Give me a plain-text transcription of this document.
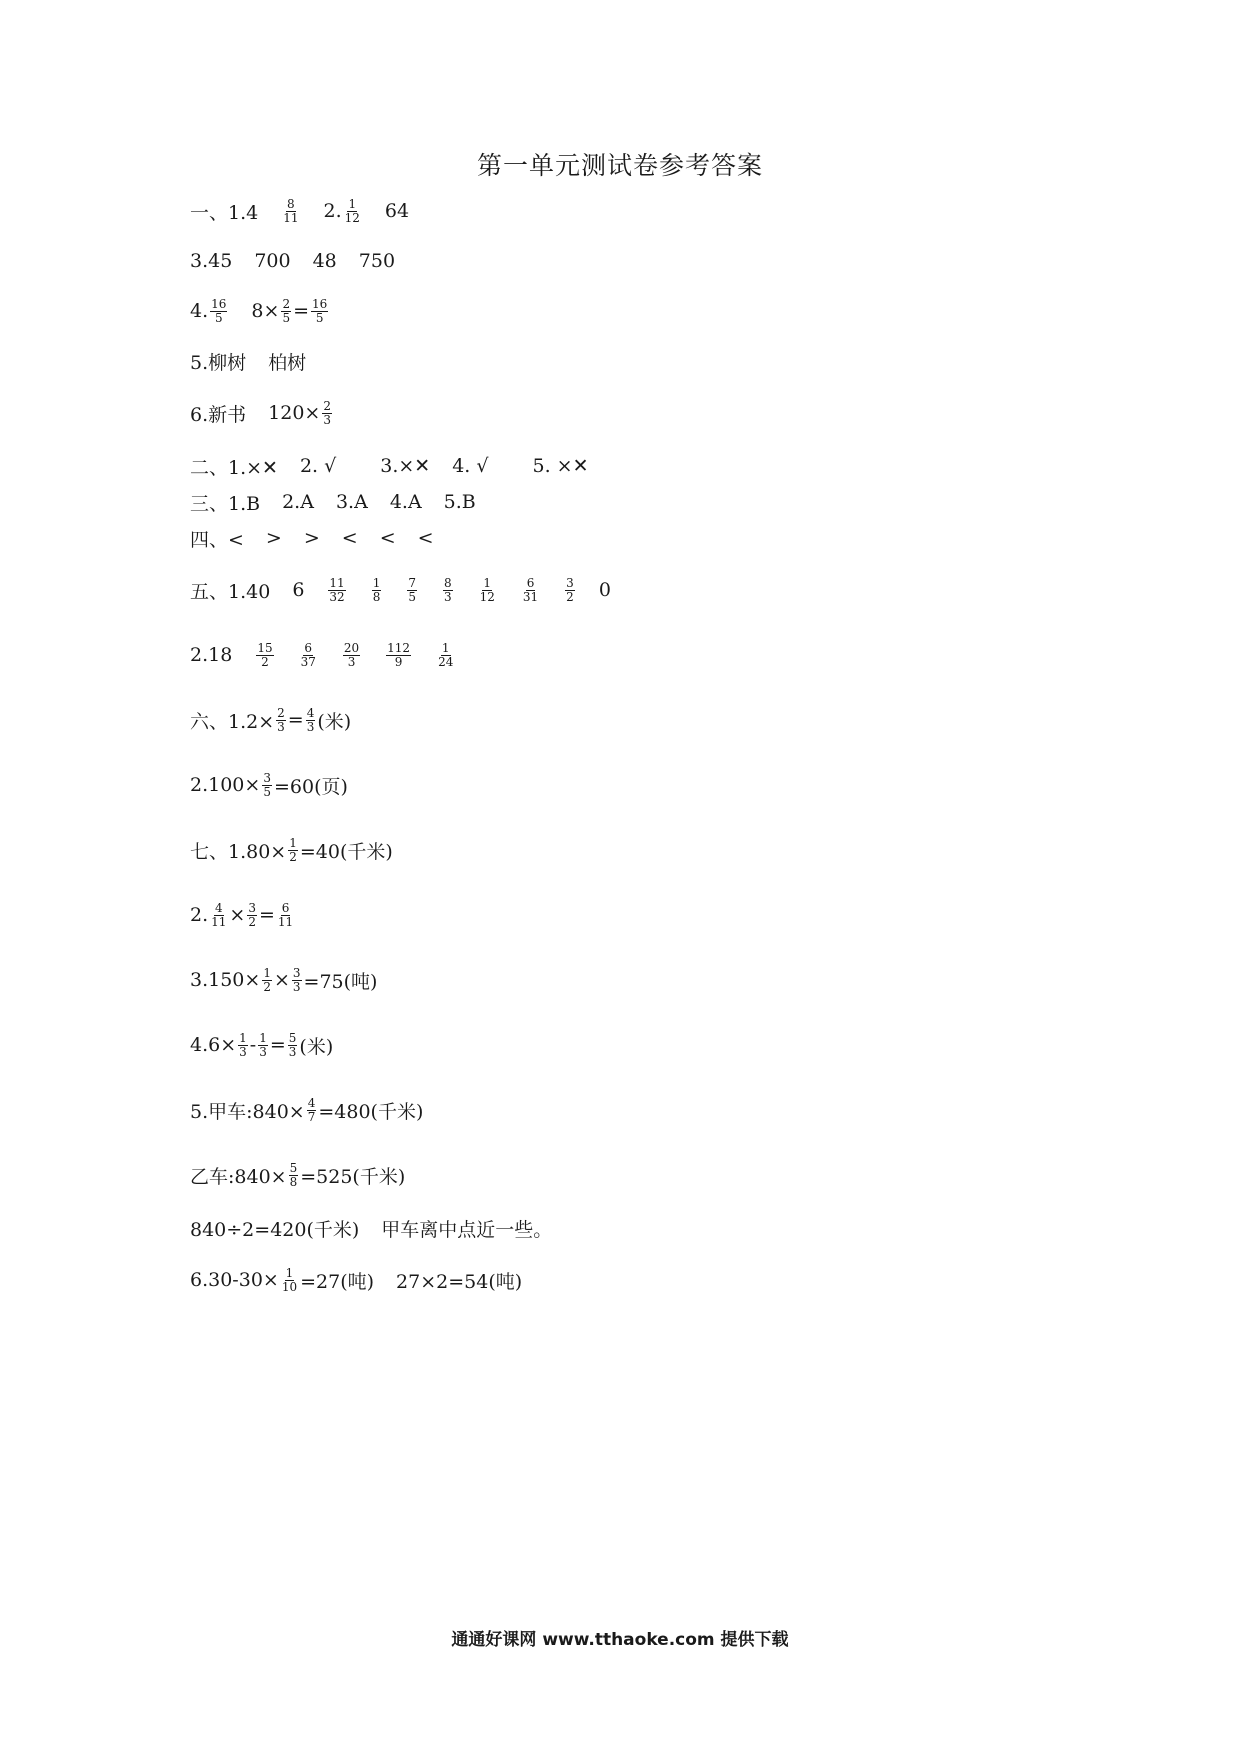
第一单元测试卷参考答案
一、$1.4 \frac{8}{11} 2$. $\frac{1}{12} 64$
3.45 700 48 750
4. $\frac{16}{5} 8\times \frac{2}{5} = \frac{16}{5}$
5.柳树 柏树
6.新书 $120\times \frac{2}{3}$
二、1.×✕ 2. √ 3.×✕ 4. √ 5. ×✕
三、1.B 2.A 3.A 4.A 5.B
四、< > > < < <
五、1.40 $6 \frac{11}{32} \frac{1}{8} \frac{7}{5} \frac{8}{3} \frac{1}{12} \frac{6}{31} \frac{3}{2} 0$
$2.18 \frac{15}{2} \frac{6}{37} \frac{20}{3} \frac{112}{9} \frac{1}{24}$
六、$1.2\times \frac{2}{3} = \frac{4}{3}$ (米)
$2.100\times \frac{3}{5} =60$(页)
七、$1.80\times \frac{1}{2} =40$(千米)
2. $\frac{4}{11} \times \frac{3}{2} = \frac{6}{11}$
$3.150\times \frac{1}{2} \times \frac{3}{3} =75$(吨)
$4.6\times \frac{1}{3} - \frac{1}{3} = \frac{5}{3}$ (米)
5.甲车:840× $\frac{4}{7} =480$(千米)
乙车:840× $\frac{5}{8} =525$(千米)
840÷2=420(千米) 甲车离中点近一些。
$6.30-30\times \frac{1}{10} =27$(吨) 27×2=54(吨)
通通好课网 www.tthaoke.com 提供下载
